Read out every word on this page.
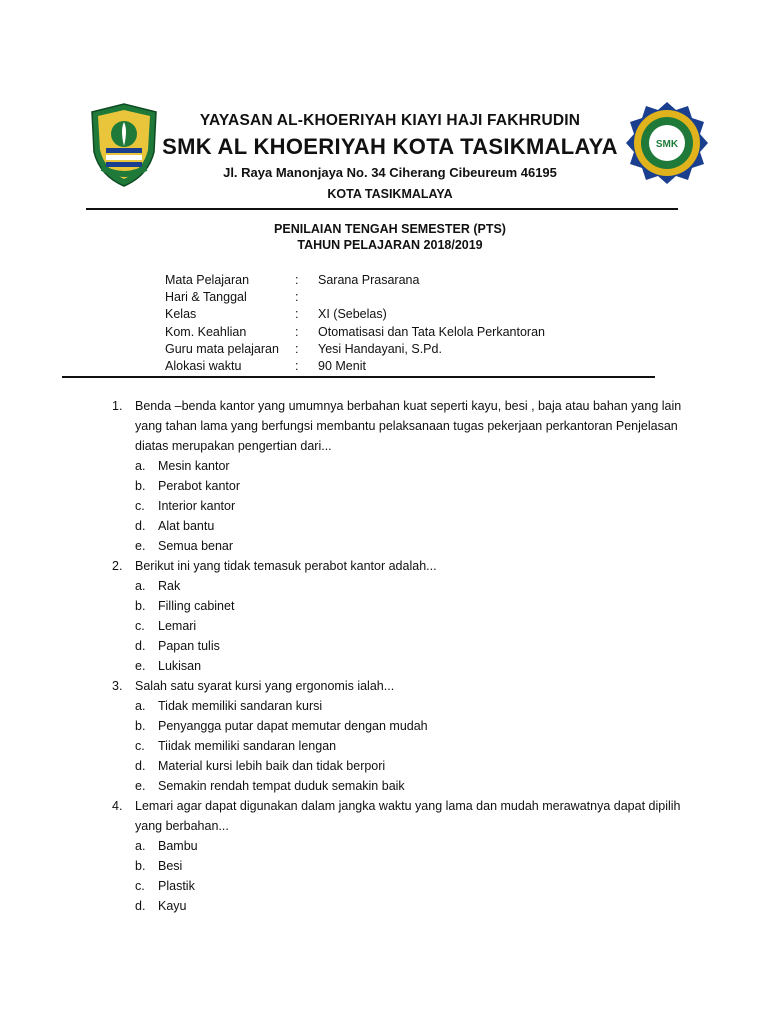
SMK
YAYASAN AL-KHOERIYAH KIAYI HAJI FAKHRUDIN
SMK AL KHOERIYAH KOTA TASIKMALAYA
Jl. Raya Manonjaya No. 34 Ciherang Cibeureum 46195
KOTA TASIKMALAYA
PENILAIAN TENGAH SEMESTER (PTS)
TAHUN PELAJARAN 2018/2019
Mata Pelajaran	: Sarana Prasarana
Hari & Tanggal	:
Kelas	: XI (Sebelas)
Kom. Keahlian	: Otomatisasi dan Tata Kelola Perkantoran
Guru mata pelajaran : Yesi Handayani, S.Pd.
Alokasi waktu	: 90 Menit
1. Benda –benda kantor yang umumnya berbahan kuat seperti kayu, besi , baja atau bahan yang lain yang tahan lama yang berfungsi membantu pelaksanaan tugas pekerjaan perkantoran Penjelasan diatas merupakan pengertian dari...
a. Mesin kantor
b. Perabot kantor
c. Interior kantor
d. Alat bantu
e. Semua benar
2. Berikut ini yang tidak temasuk perabot kantor adalah...
a. Rak
b. Filling cabinet
c. Lemari
d. Papan tulis
e. Lukisan
3. Salah satu syarat kursi yang ergonomis ialah...
a. Tidak memiliki sandaran kursi
b. Penyangga putar dapat memutar dengan mudah
c. Tiidak memiliki sandaran lengan
d. Material kursi lebih baik dan tidak berpori
e. Semakin rendah tempat duduk semakin baik
4. Lemari agar dapat digunakan dalam jangka waktu yang lama dan mudah merawatnya dapat dipilih yang berbahan...
a. Bambu
b. Besi
c. Plastik
d. Kayu
